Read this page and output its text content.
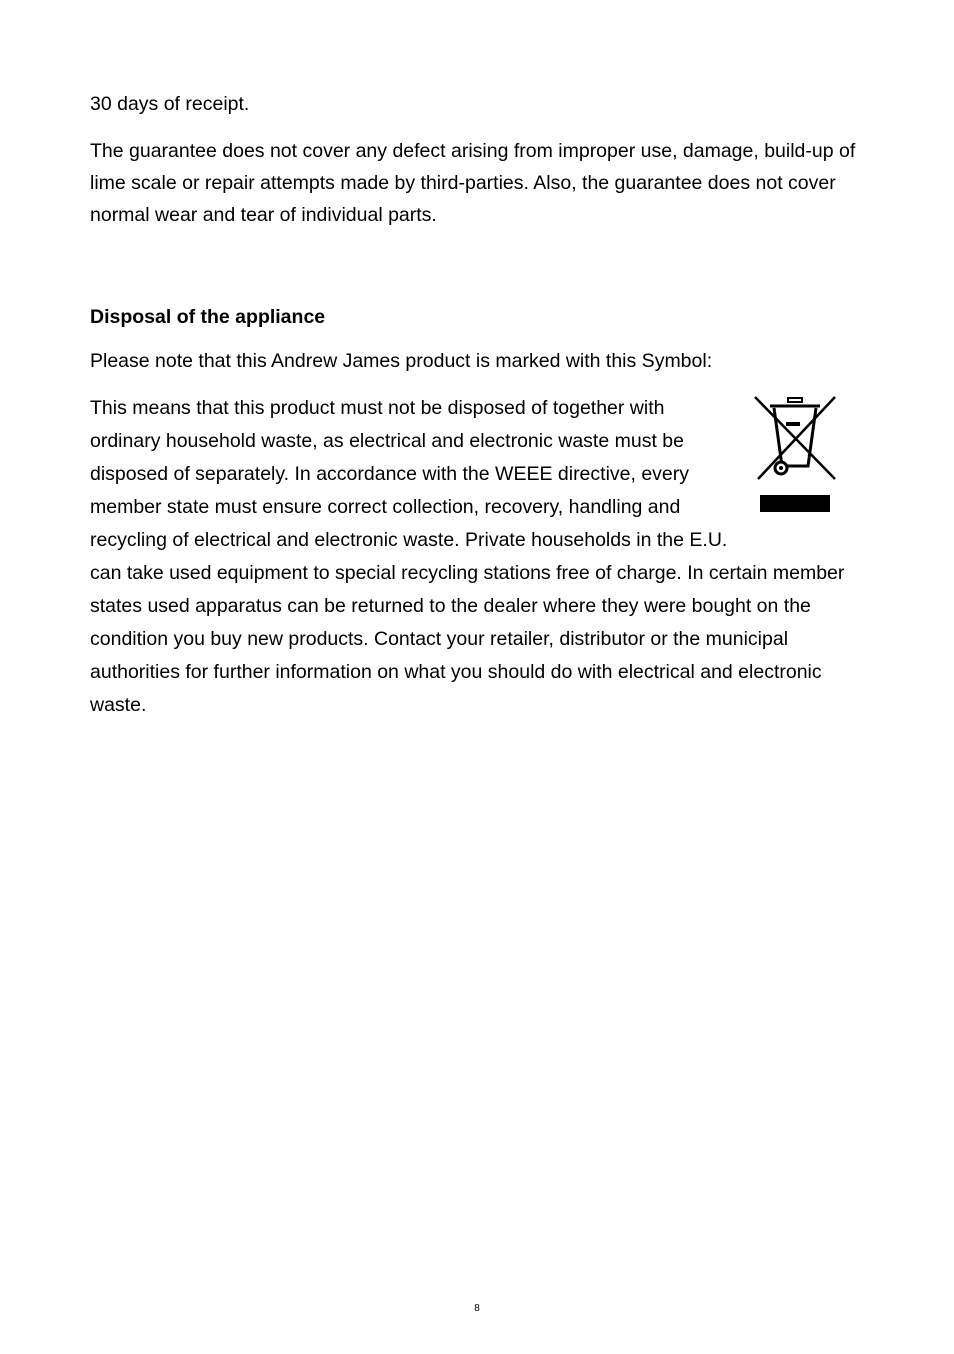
30 days of receipt.

The guarantee does not cover any defect arising from improper use, damage, build-up of lime scale or repair attempts made by third-parties. Also, the guarantee does not cover normal wear and tear of individual parts.

Disposal of the appliance

Please note that this Andrew James product is marked with this Symbol:

This means that this product must not be disposed of together with ordinary household waste, as electrical and electronic waste must be disposed of separately. In accordance with the WEEE directive, every member state must ensure correct collection, recovery, handling and recycling of electrical and electronic waste. Private households in the E.U. can take used equipment to special recycling stations free of charge. In certain member states used apparatus can be returned to the dealer where they were bought on the condition you buy new products. Contact your retailer, distributor or the municipal authorities for further information on what you should do with electrical and electronic waste.

8
